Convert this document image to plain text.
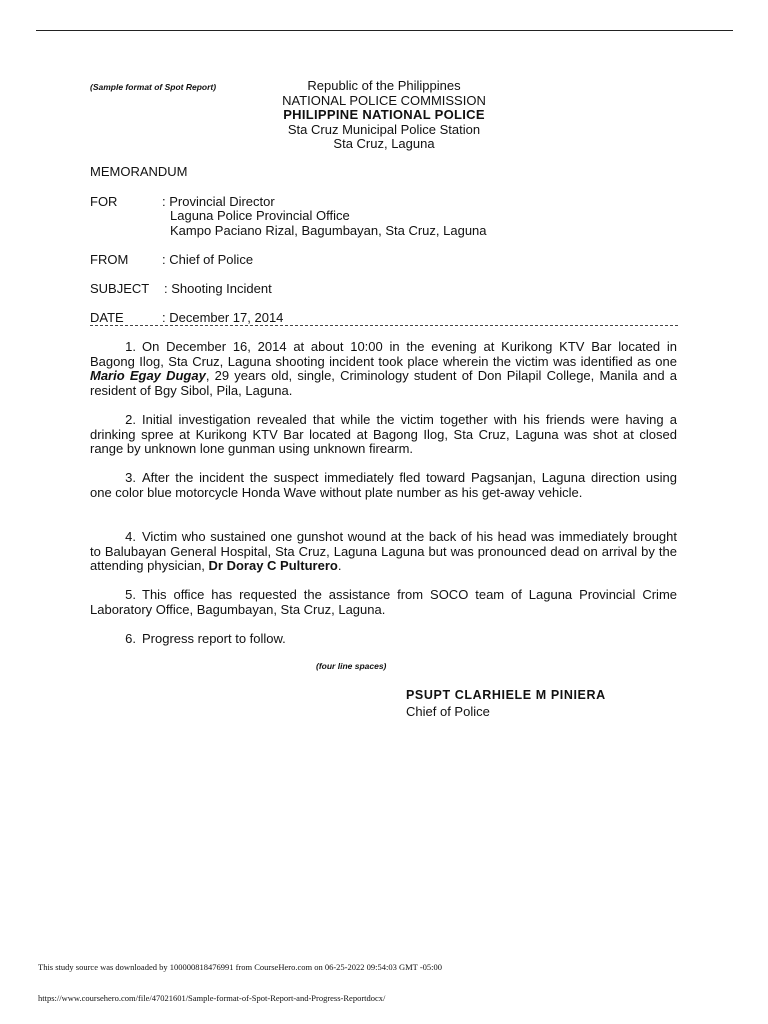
(Sample format of Spot Report)	Republic of the Philippines
NATIONAL POLICE COMMISSION
PHILIPPINE NATIONAL POLICE
Sta Cruz Municipal Police Station
Sta Cruz, Laguna
MEMORANDUM
FOR	: Provincial Director
Laguna Police Provincial Office
Kampo Paciano Rizal, Bagumbayan, Sta Cruz, Laguna
FROM	: Chief of Police
SUBJECT : Shooting Incident
DATE	: December 17, 2014
1. On December 16, 2014 at about 10:00 in the evening at Kurikong KTV Bar located in Bagong Ilog, Sta Cruz, Laguna shooting incident took place wherein the victim was identified as one Mario Egay Dugay, 29 years old, single, Criminology student of Don Pilapil College, Manila and a resident of Bgy Sibol, Pila, Laguna.
2. Initial investigation revealed that while the victim together with his friends were having a drinking spree at Kurikong KTV Bar located at Bagong Ilog, Sta Cruz, Laguna was shot at closed range by unknown lone gunman using unknown firearm.
3. After the incident the suspect immediately fled toward Pagsanjan, Laguna direction using one color blue motorcycle Honda Wave without plate number as his get-away vehicle.
4. Victim who sustained one gunshot wound at the back of his head was immediately brought to Balubayan General Hospital, Sta Cruz, Laguna Laguna but was pronounced dead on arrival by the attending physician, Dr Doray C Pulturero.
5. This office has requested the assistance from SOCO team of Laguna Provincial Crime Laboratory Office, Bagumbayan, Sta Cruz, Laguna.
6. Progress report to follow.
(four line spaces)
PSUPT CLARHIELE M PINIERA
Chief of Police
This study source was downloaded by 100000818476991 from CourseHero.com on 06-25-2022 09:54:03 GMT -05:00
https://www.coursehero.com/file/47021601/Sample-format-of-Spot-Report-and-Progress-Reportdocx/
